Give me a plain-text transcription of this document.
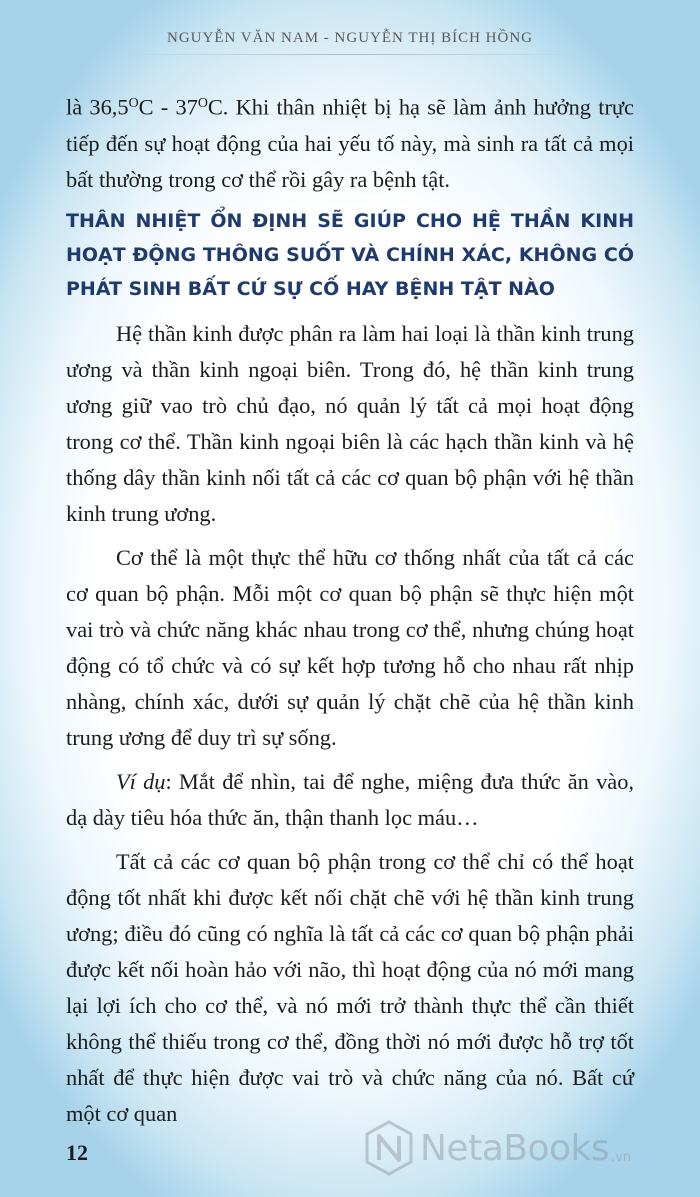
NGUYỄN VĂN NAM - NGUYỄN THỊ BÍCH HỒNG

là $36,5^OC - 37^OC$. Khi thân nhiệt bị hạ sẽ làm ảnh hưởng trực tiếp đến sự hoạt động của hai yếu tố này, mà sinh ra tất cả mọi bất thường trong cơ thể rồi gây ra bệnh tật.

THÂN NHIỆT ỔN ĐỊNH SẼ GIÚP CHO HỆ THẦN KINH HOẠT ĐỘNG THÔNG SUỐT VÀ CHÍNH XÁC, KHÔNG CÓ PHÁT SINH BẤT CỨ SỰ CỐ HAY BỆNH TẬT NÀO

Hệ thần kinh được phân ra làm hai loại là thần kinh trung ương và thần kinh ngoại biên. Trong đó, hệ thần kinh trung ương giữ vao trò chủ đạo, nó quản lý tất cả mọi hoạt động trong cơ thể. Thần kinh ngoại biên là các hạch thần kinh và hệ thống dây thần kinh nối tất cả các cơ quan bộ phận với hệ thần kinh trung ương.

Cơ thể là một thực thể hữu cơ thống nhất của tất cả các cơ quan bộ phận. Mỗi một cơ quan bộ phận sẽ thực hiện một vai trò và chức năng khác nhau trong cơ thể, nhưng chúng hoạt động có tổ chức và có sự kết hợp tương hỗ cho nhau rất nhịp nhàng, chính xác, dưới sự quản lý chặt chẽ của hệ thần kinh trung ương để duy trì sự sống.

Ví dụ: Mắt để nhìn, tai để nghe, miệng đưa thức ăn vào, dạ dày tiêu hóa thức ăn, thận thanh lọc máu…

Tất cả các cơ quan bộ phận trong cơ thể chỉ có thể hoạt động tốt nhất khi được kết nối chặt chẽ với hệ thần kinh trung ương; điều đó cũng có nghĩa là tất cả các cơ quan bộ phận phải được kết nối hoàn hảo với não, thì hoạt động của nó mới mang lại lợi ích cho cơ thể, và nó mới trở thành thực thể cần thiết không thể thiếu trong cơ thể, đồng thời nó mới được hỗ trợ tốt nhất để thực hiện được vai trò và chức năng của nó. Bất cứ một cơ quan

12	NetaBooks .vn
